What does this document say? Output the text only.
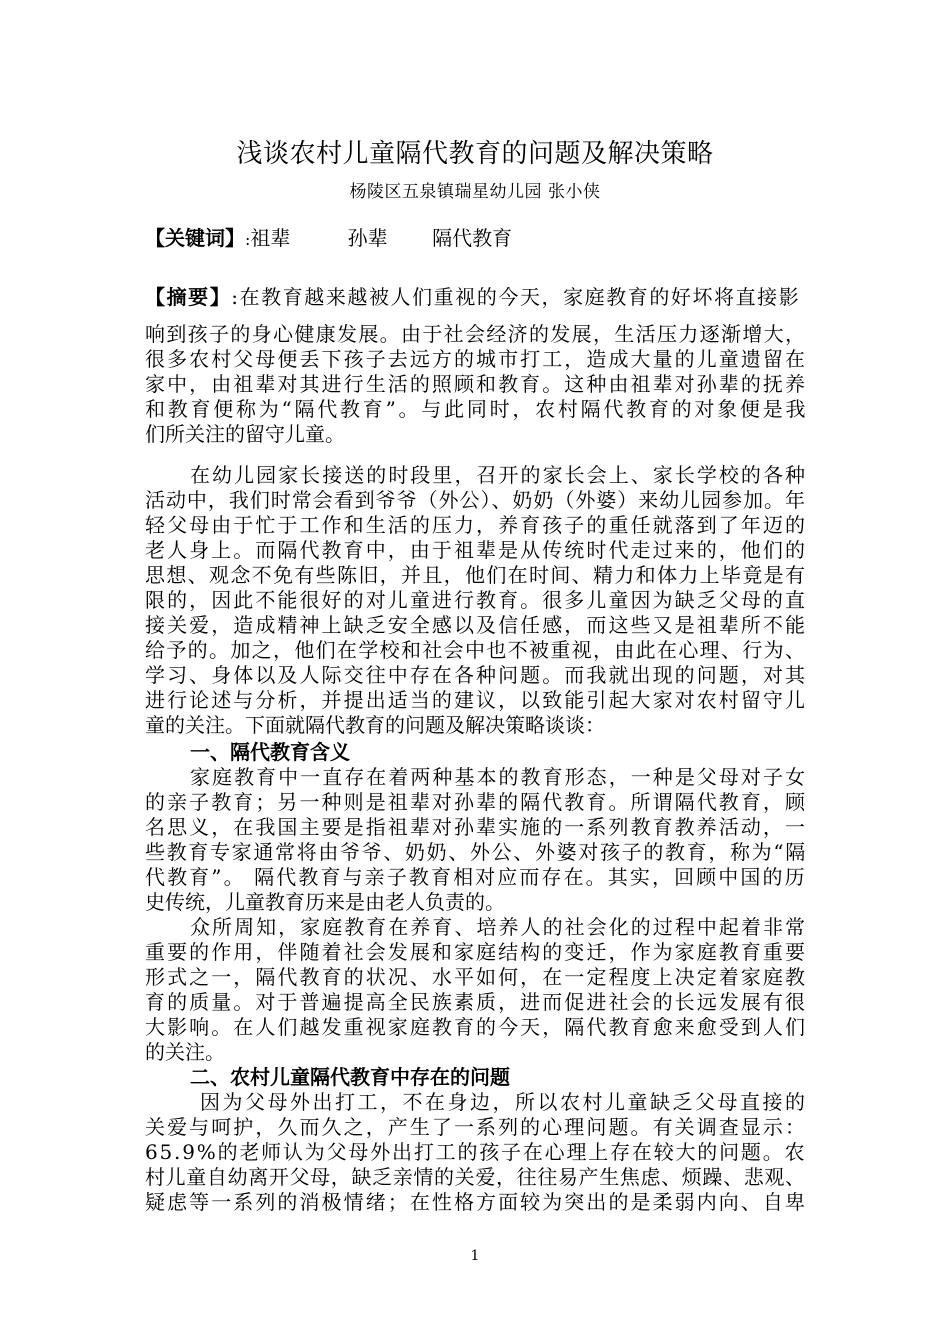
浅谈农村儿童隔代教育的问题及解决策略
杨陵区五泉镇瑞星幼儿园 张小侠
【关键词】:祖辈	孙辈 隔代教育
【摘要】:在教育越来越被人们重视的今天，家庭教育的好坏将直接影
1
响到孩子的身心健康发展。由于社会经济的发展，生活压力逐渐增大，
很多农村父母便丢下孩子去远方的城市打工，造成大量的儿童遗留在
家中，由祖辈对其进行生活的照顾和教育。这种由祖辈对孙辈的抚养
和教育便称为“隔代教育”。与此同时，农村隔代教育的对象便是我
们所关注的留守儿童。
在幼儿园家长接送的时段里，召开的家长会上、家长学校的各种
活动中，我们时常会看到爷爷（外公）、奶奶（外婆）来幼儿园参加。年
轻父母由于忙于工作和生活的压力，养育孩子的重任就落到了年迈的
老人身上。而隔代教育中，由于祖辈是从传统时代走过来的，他们的
思想、观念不免有些陈旧，并且，他们在时间、精力和体力上毕竟是有
限的，因此不能很好的对儿童进行教育。很多儿童因为缺乏父母的直
接关爱，造成精神上缺乏安全感以及信任感，而这些又是祖辈所不能
给予的。加之，他们在学校和社会中也不被重视，由此在心理、行为、
学习、身体以及人际交往中存在各种问题。而我就出现的问题，对其
进行论述与分析，并提出适当的建议，以致能引起大家对农村留守儿
童的关注。下面就隔代教育的问题及解决策略谈谈：
一、隔代教育含义
家庭教育中一直存在着两种基本的教育形态，一种是父母对子女
的亲子教育；另一种则是祖辈对孙辈的隔代教育。所谓隔代教育，顾
名思义，在我国主要是指祖辈对孙辈实施的一系列教育教养活动，一
些教育专家通常将由爷爷、奶奶、外公、外婆对孩子的教育，称为“隔
代教育”。 隔代教育与亲子教育相对应而存在。其实，回顾中国的历
史传统，儿童教育历来是由老人负责的。
众所周知，家庭教育在养育、培养人的社会化的过程中起着非常
重要的作用，伴随着社会发展和家庭结构的变迁，作为家庭教育重要
形式之一，隔代教育的状况、水平如何，在一定程度上决定着家庭教
育的质量。对于普遍提高全民族素质，进而促进社会的长远发展有很
大影响。在人们越发重视家庭教育的今天，隔代教育愈来愈受到人们
的关注。
二、农村儿童隔代教育中存在的问题
因为父母外出打工，不在身边，所以农村儿童缺乏父母直接的
关爱与呵护，久而久之，产生了一系列的心理问题。有关调查显示：
65.9%的老师认为父母外出打工的孩子在心理上存在较大的问题。农
村儿童自幼离开父母，缺乏亲情的关爱，往往易产生焦虑、烦躁、悲观、
疑虑等一系列的消极情绪；在性格方面较为突出的是柔弱内向、自卑
